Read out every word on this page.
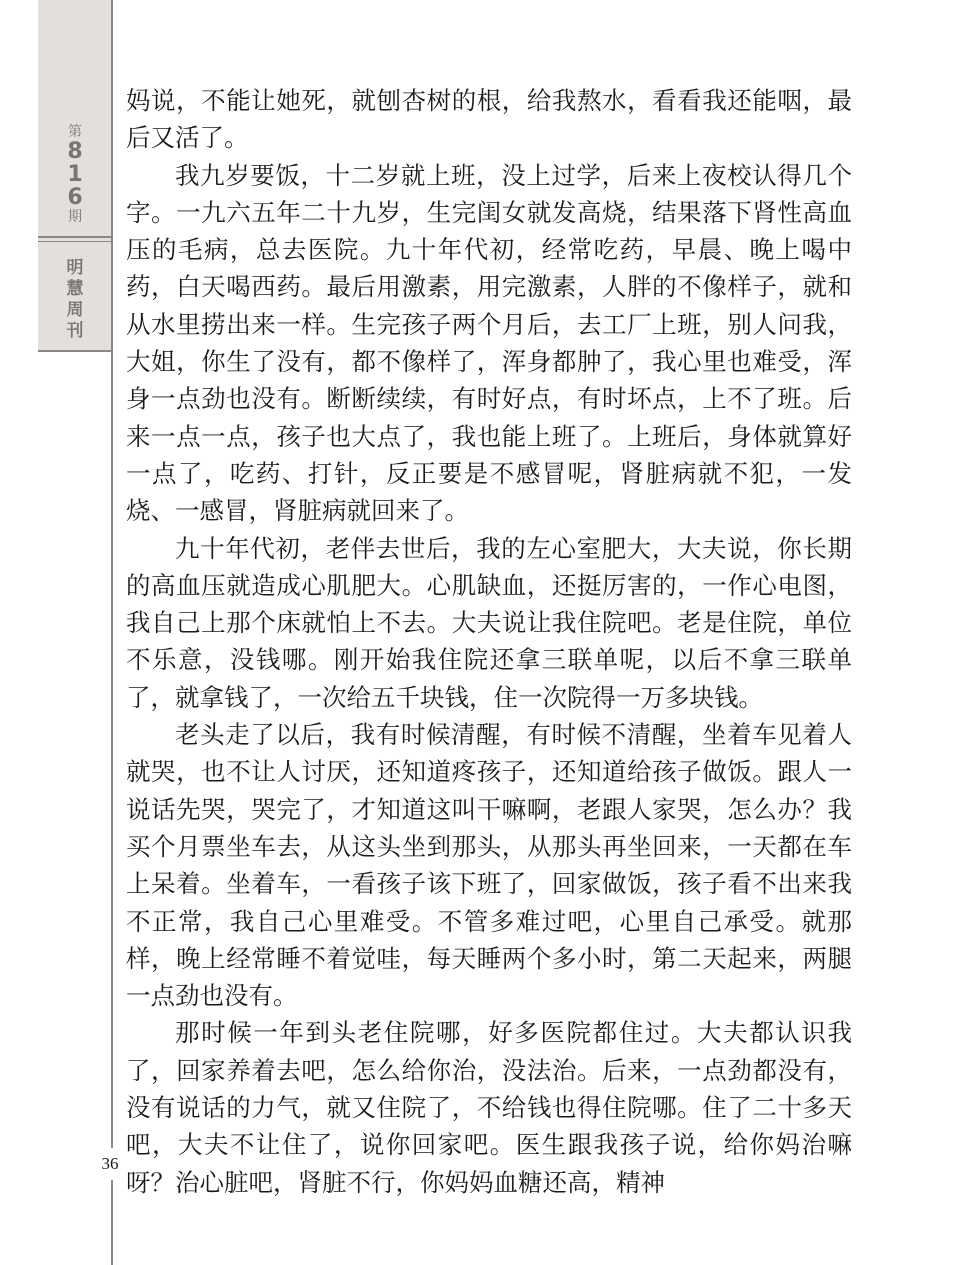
第
8
1
6
期
明
慧
周
刊
36

妈说，不能让她死，就刨杏树的根，给我熬水，看看我还能咽，最后又活了。

我九岁要饭，十二岁就上班，没上过学，后来上夜校认得几个字。一九六五年二十九岁，生完闺女就发高烧，结果落下肾性高血压的毛病，总去医院。九十年代初，经常吃药，早晨、晚上喝中药，白天喝西药。最后用激素，用完激素，人胖的不像样子，就和从水里捞出来一样。生完孩子两个月后，去工厂上班，别人问我，大姐，你生了没有，都不像样了，浑身都肿了，我心里也难受，浑身一点劲也没有。断断续续，有时好点，有时坏点，上不了班。后来一点一点，孩子也大点了，我也能上班了。上班后，身体就算好一点了，吃药、打针，反正要是不感冒呢，肾脏病就不犯，一发烧、一感冒，肾脏病就回来了。

九十年代初，老伴去世后，我的左心室肥大，大夫说，你长期的高血压就造成心肌肥大。心肌缺血，还挺厉害的，一作心电图，我自己上那个床就怕上不去。大夫说让我住院吧。老是住院，单位不乐意，没钱哪。刚开始我住院还拿三联单呢，以后不拿三联单了，就拿钱了，一次给五千块钱，住一次院得一万多块钱。

老头走了以后，我有时候清醒，有时候不清醒，坐着车见着人就哭，也不让人讨厌，还知道疼孩子，还知道给孩子做饭。跟人一说话先哭，哭完了，才知道这叫干嘛啊，老跟人家哭，怎么办？我买个月票坐车去，从这头坐到那头，从那头再坐回来，一天都在车上呆着。坐着车，一看孩子该下班了，回家做饭，孩子看不出来我不正常，我自己心里难受。不管多难过吧，心里自己承受。就那样，晚上经常睡不着觉哇，每天睡两个多小时，第二天起来，两腿一点劲也没有。

那时候一年到头老住院哪，好多医院都住过。大夫都认识我了，回家养着去吧，怎么给你治，没法治。后来，一点劲都没有，没有说话的力气，就又住院了，不给钱也得住院哪。住了二十多天吧，大夫不让住了，说你回家吧。医生跟我孩子说，给你妈治嘛呀？治心脏吧，肾脏不行，你妈妈血糖还高，精神
